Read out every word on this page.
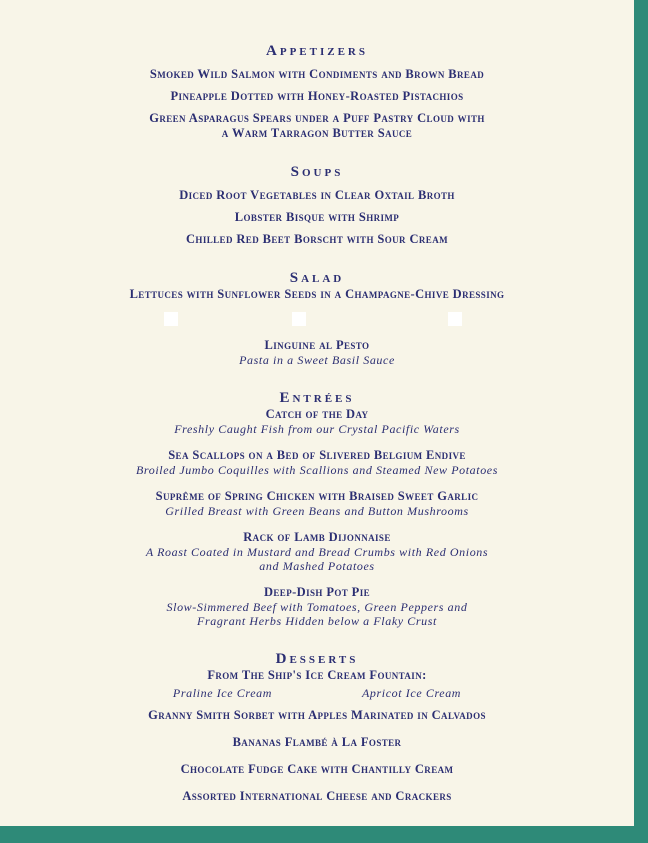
Appetizers

Smoked Wild Salmon with Condiments and Brown Bread

Pineapple Dotted with Honey-Roasted Pistachios

Green Asparagus Spears under a Puff Pastry Cloud with

a Warm Tarragon Butter Sauce

Soups

Diced Root Vegetables in Clear Oxtail Broth

Lobster Bisque with Shrimp

Chilled Red Beet Borscht with Sour Cream

Salad

Lettuces with Sunflower Seeds in a Champagne-Chive Dressing

Linguine al Pesto

Pasta in a Sweet Basil Sauce

Entrées

Catch of the Day

Freshly Caught Fish from our Crystal Pacific Waters

Sea Scallops on a Bed of Slivered Belgium Endive

Broiled Jumbo Coquilles with Scallions and Steamed New Potatoes

Suprême of Spring Chicken with Braised Sweet Garlic

Grilled Breast with Green Beans and Button Mushrooms

Rack of Lamb Dijonnaise

A Roast Coated in Mustard and Bread Crumbs with Red Onions

and Mashed Potatoes

Deep-Dish Pot Pie

Slow-Simmered Beef with Tomatoes, Green Peppers and

Fragrant Herbs Hidden below a Flaky Crust

Desserts

From The Ship's Ice Cream Fountain:

Praline Ice Cream	Apricot Ice Cream

Granny Smith Sorbet with Apples Marinated in Calvados

Bananas Flambé à La Foster

Chocolate Fudge Cake with Chantilly Cream

Assorted International Cheese and Crackers
